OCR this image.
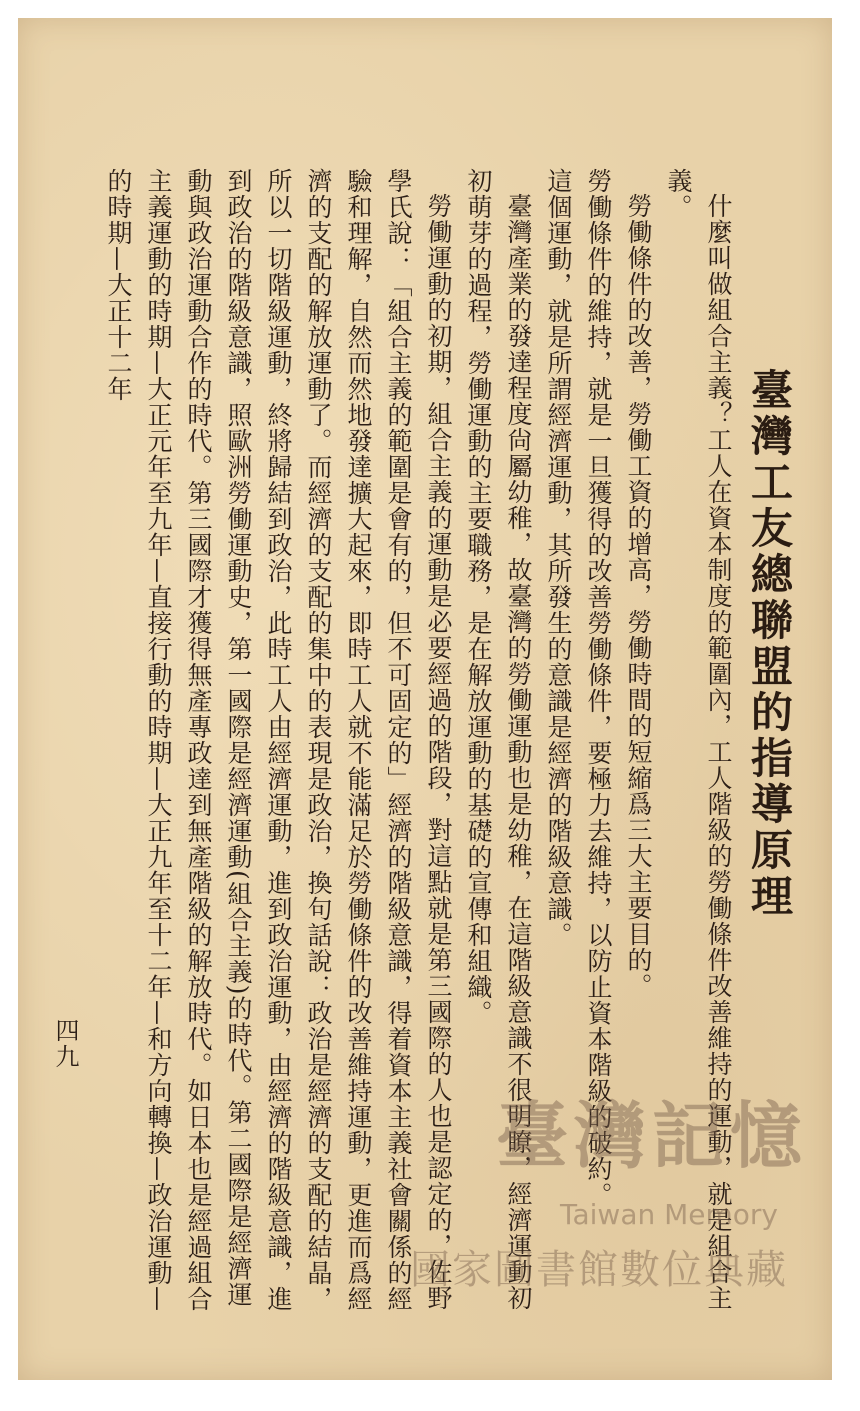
臺灣工友總聯盟的指導原理

什麼叫做組合主義？工人在資本制度的範圍內，工人階級的勞働條件改善維持的運動，就是組合主義。

勞働條件的改善，勞働工資的增高，勞働時間的短縮爲三大主要目的。

勞働條件的維持，就是一旦獲得的改善勞働條件，要極力去維持，以防止資本階級的破約。

這個運動，就是所謂經濟運動，其所發生的意識是經濟的階級意識。

臺灣產業的發達程度尙屬幼稚，故臺灣的勞働運動也是幼稚，在這階級意識不很明瞭，經濟運動初初萌芽的過程，勞働運動的主要職務，是在解放運動的基礎的宣傳和組織。

勞働運動的初期，組合主義的運動是必要經過的階段，對這點就是第三國際的人也是認定的，佐野學氏說：「組合主義的範圍是會有的，但不可固定的」經濟的階級意識，得着資本主義社會關係的經驗和理解，自然而然地發達擴大起來，即時工人就不能滿足於勞働條件的改善維持運動，更進而爲經濟的支配的解放運動了。而經濟的支配的集中的表現是政治，換句話說：政治是經濟的支配的結晶，所以一切階級運動，終將歸結到政治，此時工人由經濟運動，進到政治運動，由經濟的階級意識，進到政治的階級意識，照歐洲勞働運動史，第一國際是經濟運動(組合主義)的時代。第二國際是經濟運動與政治運動合作的時代。第三國際才獲得無產專政達到無產階級的解放時代。如日本也是經過組合主義運動的時期—大正元年至九年—直接行動的時期—大正九年至十二年—和方向轉換—政治運動—的時期—大正十二年

四九
臺灣記憶
Taiwan Memory
國家圖書館數位典藏
